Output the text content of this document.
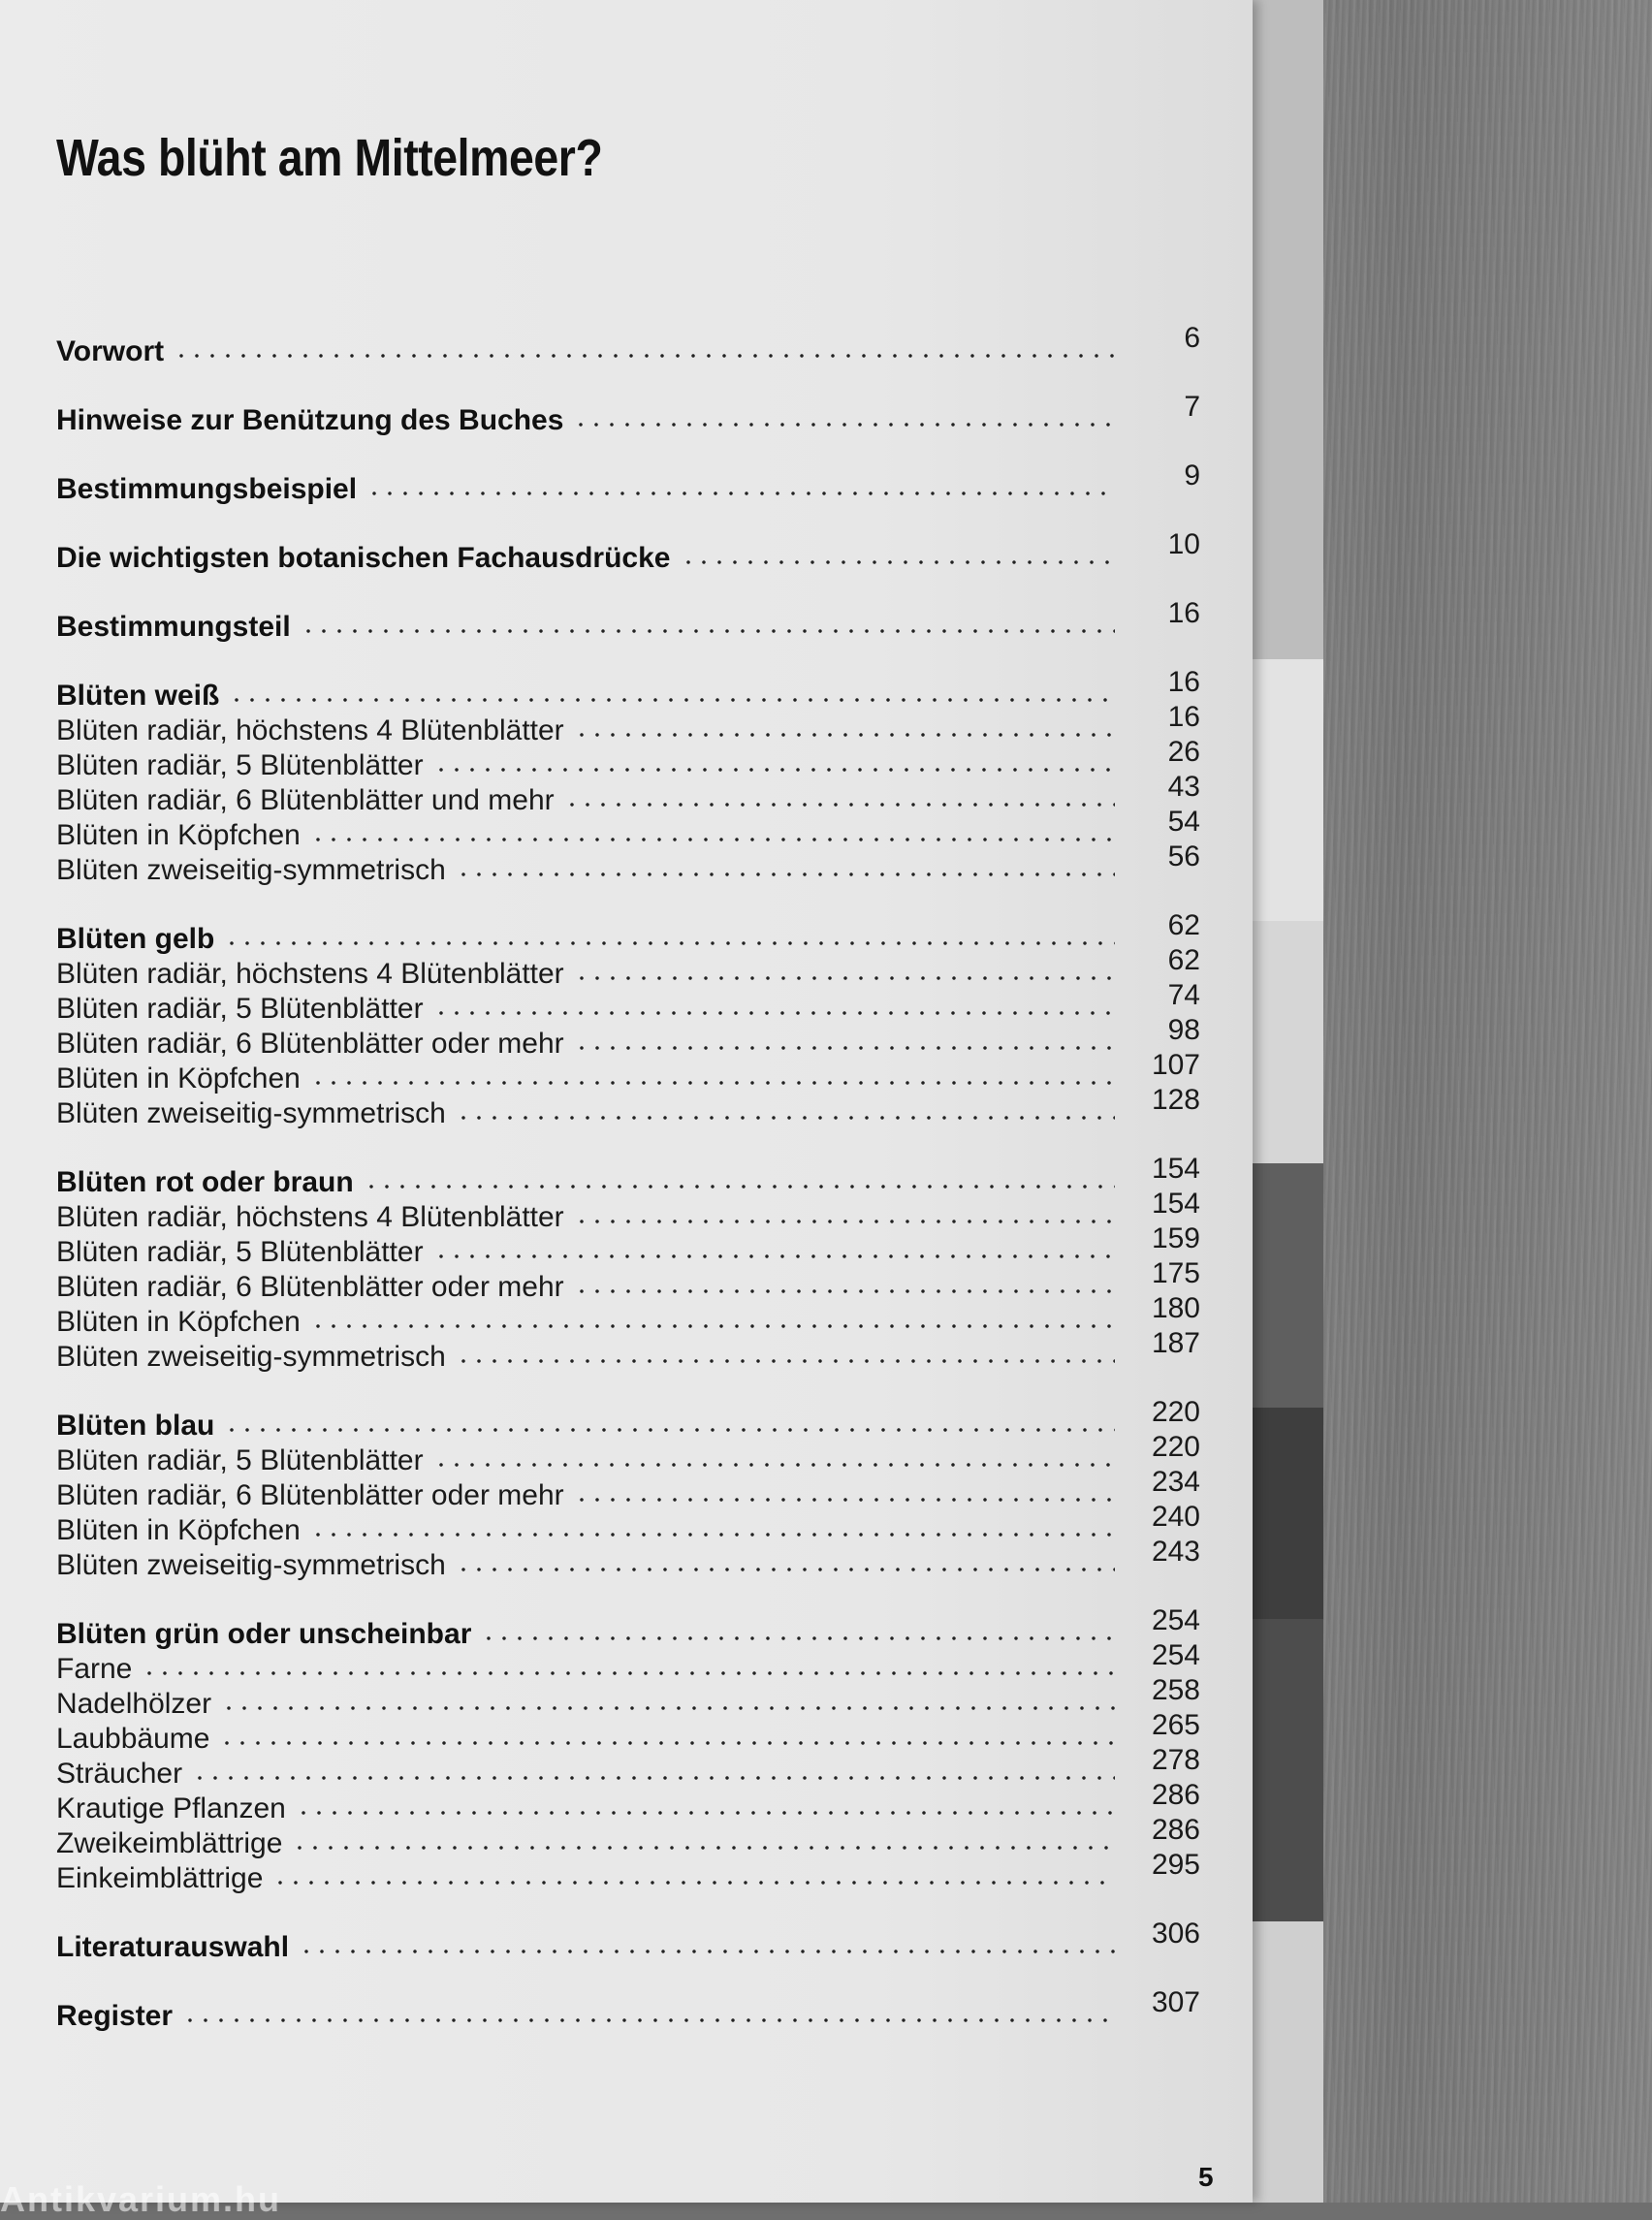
Was blüht am Mittelmeer?
Vorwort	6
Hinweise zur Benützung des Buches	7
Bestimmungsbeispiel	9
Die wichtigsten botanischen Fachausdrücke	10
Bestimmungsteil	16
Blüten weiß	16
Blüten radiär, höchstens 4 Blütenblätter	16
Blüten radiär, 5 Blütenblätter	26
Blüten radiär, 6 Blütenblätter und mehr	43
Blüten in Köpfchen	54
Blüten zweiseitig-symmetrisch	56
Blüten gelb	62
Blüten radiär, höchstens 4 Blütenblätter	62
Blüten radiär, 5 Blütenblätter	74
Blüten radiär, 6 Blütenblätter oder mehr	98
Blüten in Köpfchen	107
Blüten zweiseitig-symmetrisch	128
Blüten rot oder braun	154
Blüten radiär, höchstens 4 Blütenblätter	154
Blüten radiär, 5 Blütenblätter	159
Blüten radiär, 6 Blütenblätter oder mehr	175
Blüten in Köpfchen	180
Blüten zweiseitig-symmetrisch	187
Blüten blau	220
Blüten radiär, 5 Blütenblätter	220
Blüten radiär, 6 Blütenblätter oder mehr	234
Blüten in Köpfchen	240
Blüten zweiseitig-symmetrisch	243
Blüten grün oder unscheinbar	254
Farne	254
Nadelhölzer	258
Laubbäume	265
Sträucher	278
Krautige Pflanzen	286
Zweikeimblättrige	286
Einkeimblättrige	295
Literaturauswahl	306
Register	307
5
Antikvarium.hu
